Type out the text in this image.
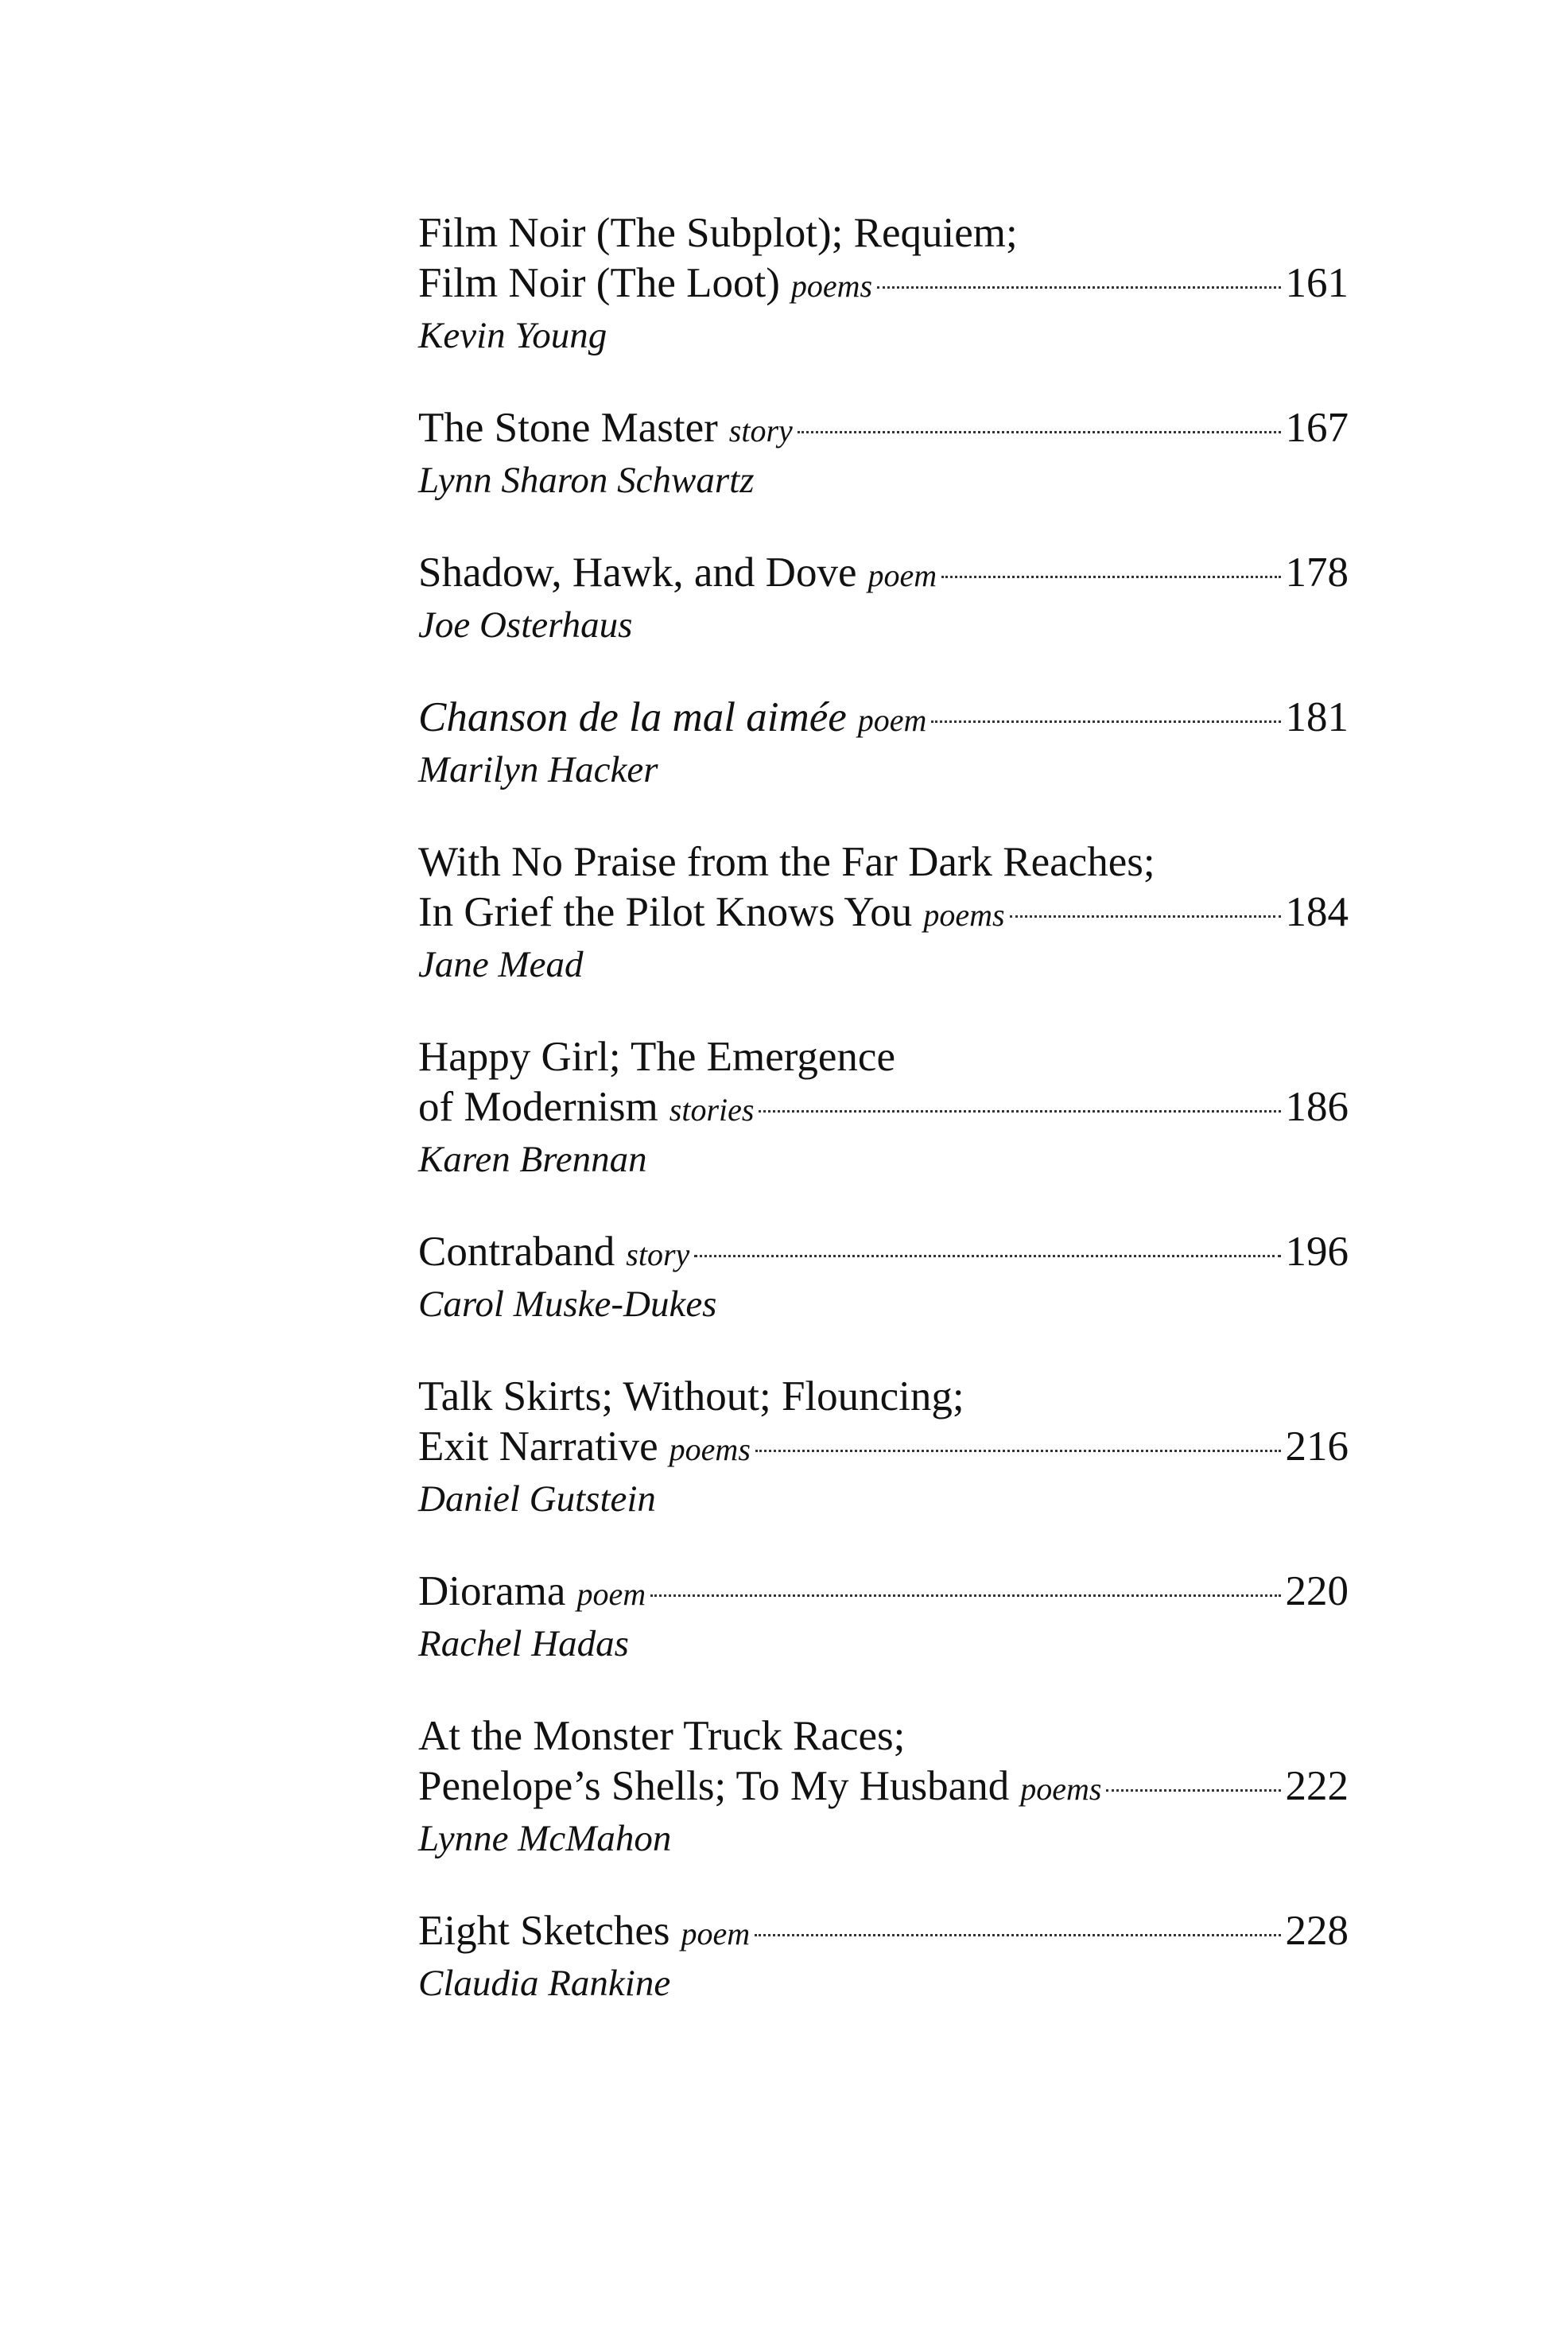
Film Noir (The Subplot); Requiem;
Film Noir (The Loot) poems	161
Kevin Young
The Stone Master story	167
Lynn Sharon Schwartz
Shadow, Hawk, and Dove poem	178
Joe Osterhaus
Chanson de la mal aimée poem	181
Marilyn Hacker
With No Praise from the Far Dark Reaches;
In Grief the Pilot Knows You poems	184
Jane Mead
Happy Girl; The Emergence
of Modernism stories	186
Karen Brennan
Contraband story	196
Carol Muske-Dukes
Talk Skirts; Without; Flouncing;
Exit Narrative poems	216
Daniel Gutstein
Diorama poem	220
Rachel Hadas
At the Monster Truck Races;
Penelope’s Shells; To My Husband poems	222
Lynne McMahon
Eight Sketches poem	228
Claudia Rankine
